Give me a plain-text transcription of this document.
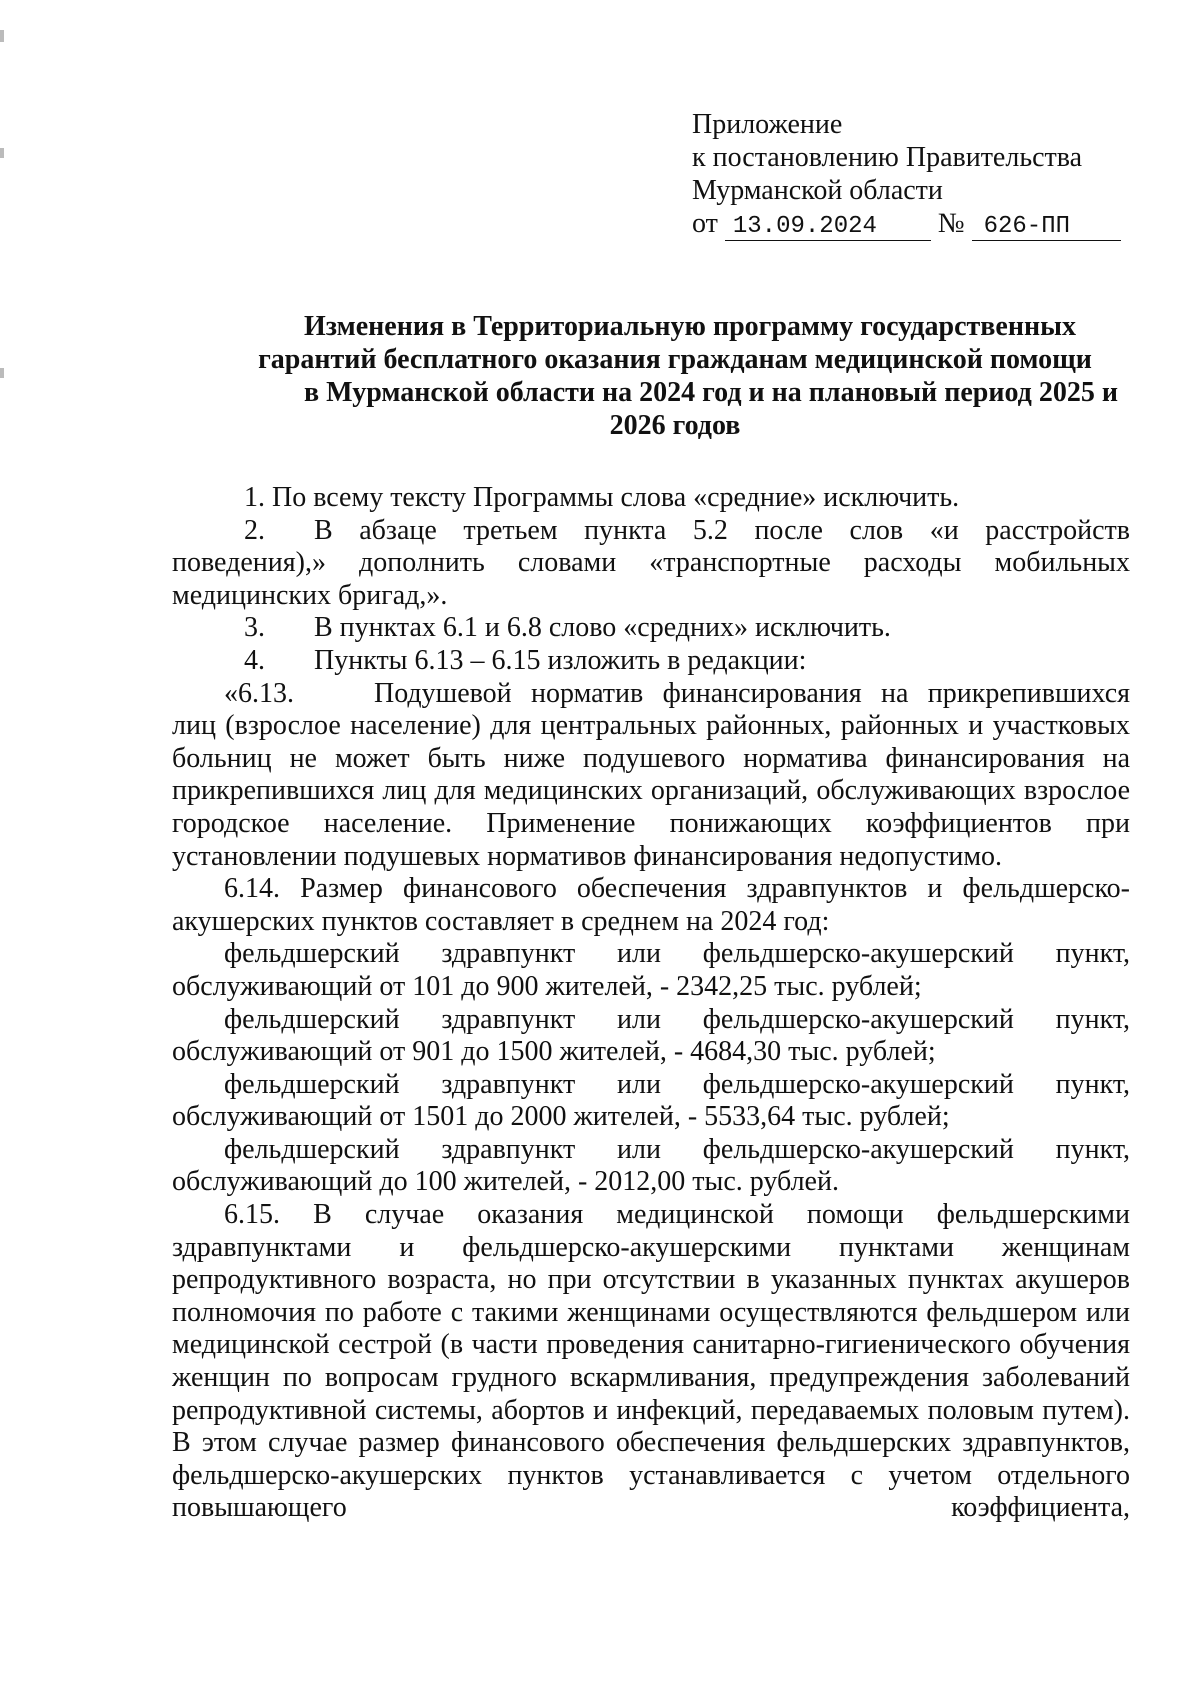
Приложение
к постановлению Правительства
Мурманской области
от 13.09.2024 № 626-ПП
Изменения в Территориальную программу государственных
гарантий бесплатного оказания гражданам медицинской помощи
в Мурманской области на 2024 год и на плановый период 2025 и
2026 годов
1. По всему тексту Программы слова «средние» исключить.
2. В абзаце третьем пункта 5.2 после слов «и расстройств поведения),» дополнить словами «транспортные расходы мобильных медицинских бригад,».
3. В пунктах 6.1 и 6.8 слово «средних» исключить.
4. Пункты 6.13 – 6.15 изложить в редакции:
«6.13.	Подушевой норматив финансирования на прикрепившихся лиц (взрослое население) для центральных районных, районных и участковых больниц не может быть ниже подушевого норматива финансирования на прикрепившихся лиц для медицинских организаций, обслуживающих взрослое городское население. Применение понижающих коэффициентов при установлении подушевых нормативов финансирования недопустимо.
6.14. Размер финансового обеспечения здравпунктов и фельдшерско-акушерских пунктов составляет в среднем на 2024 год:
фельдшерский здравпункт или фельдшерско-акушерский пункт, обслуживающий от 101 до 900 жителей, - 2342,25 тыс. рублей;
фельдшерский здравпункт или фельдшерско-акушерский пункт, обслуживающий от 901 до 1500 жителей, - 4684,30 тыс. рублей;
фельдшерский здравпункт или фельдшерско-акушерский пункт, обслуживающий от 1501 до 2000 жителей, - 5533,64 тыс. рублей;
фельдшерский здравпункт или фельдшерско-акушерский пункт, обслуживающий до 100 жителей, - 2012,00 тыс. рублей.
6.15. В случае оказания медицинской помощи фельдшерскими здравпунктами и фельдшерско-акушерскими пунктами женщинам репродуктивного возраста, но при отсутствии в указанных пунктах акушеров полномочия по работе с такими женщинами осуществляются фельдшером или медицинской сестрой (в части проведения санитарно-гигиенического обучения женщин по вопросам грудного вскармливания, предупреждения заболеваний репродуктивной системы, абортов и инфекций, передаваемых половым путем). В этом случае размер финансового обеспечения фельдшерских здравпунктов, фельдшерско-акушерских пунктов устанавливается с учетом отдельного повышающего коэффициента,
